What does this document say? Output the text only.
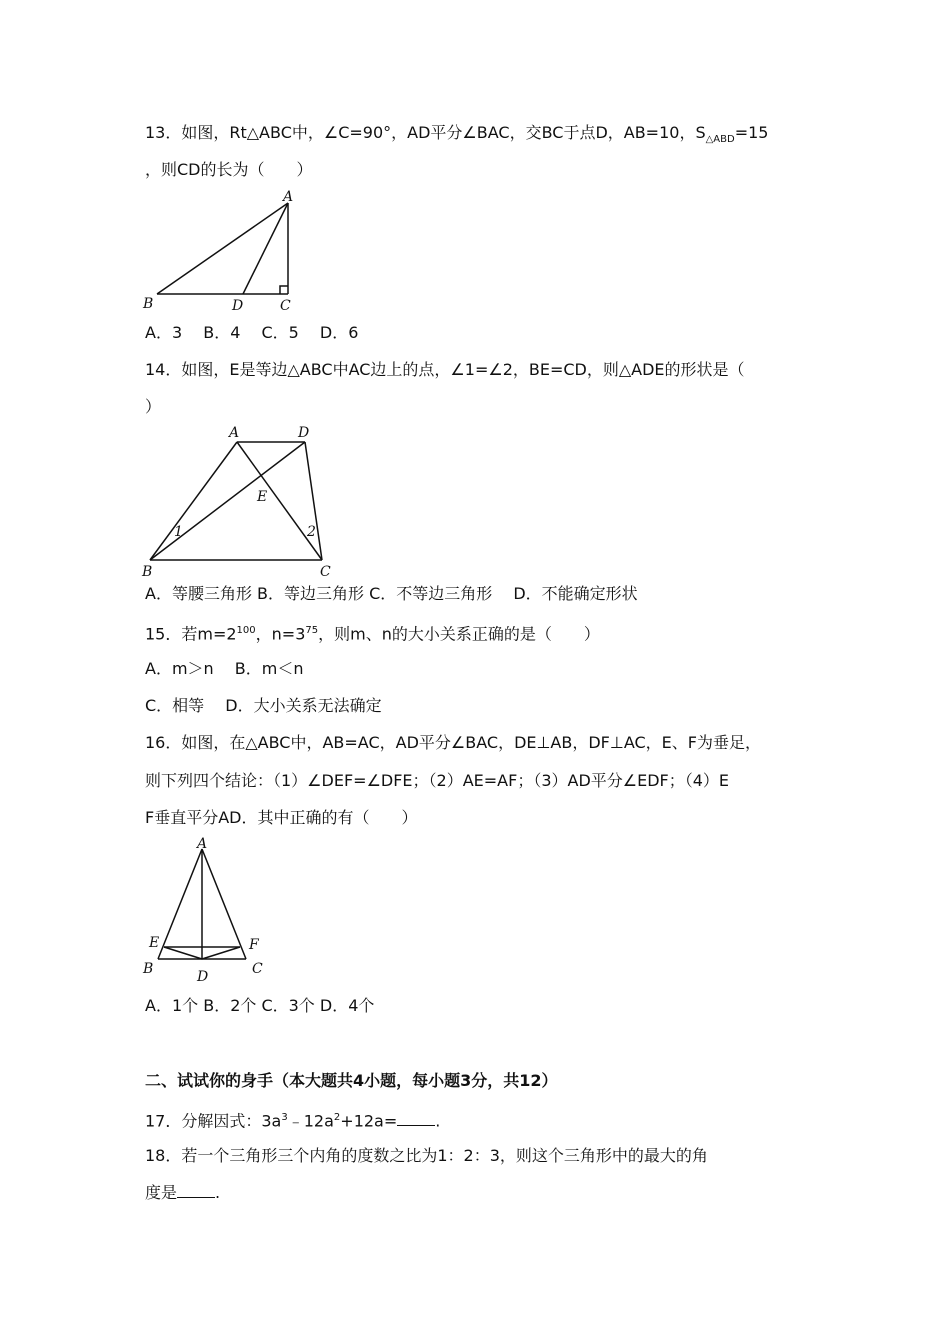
13．如图，Rt△ABC中，∠C=90°，AD平分∠BAC，交BC于点D，AB=10，$S_{\triangle ABD}=15$
，则CD的长为（　　）
A
B	D	C
A．3　 B．4　 C．5　 D．6
14．如图，E是等边△ABC中AC边上的点，∠1=∠2，BE=CD，则△ADE的形状是（
）
A	D
E
1	2
B	C
A．等腰三角形 B．等边三角形 C．不等边三角形　 D．不能确定形状
15．若$m=2^{100}$，$n=3^{75}$，则m、n的大小关系正确的是（　　）
A．m＞n　 B．m＜n
C．相等　 D．大小关系无法确定
16．如图，在△ABC中，AB=AC，AD平分∠BAC，DE⊥AB，DF⊥AC，E、F为垂足，
则下列四个结论：（1）∠DEF=∠DFE；（2）AE=AF；（3）AD平分∠EDF；（4）E
F垂直平分AD．其中正确的有（　　）
A
E	F
B	C
D
A．1个 B．2个 C．3个 D．4个
二、试试你的身手（本大题共4小题，每小题3分，共12）
17．分解因式：$3a^3﹣12a^2+12a=$ .
18．若一个三角形三个内角的度数之比为1：2：3，则这个三角形中的最大的角
度是 .
